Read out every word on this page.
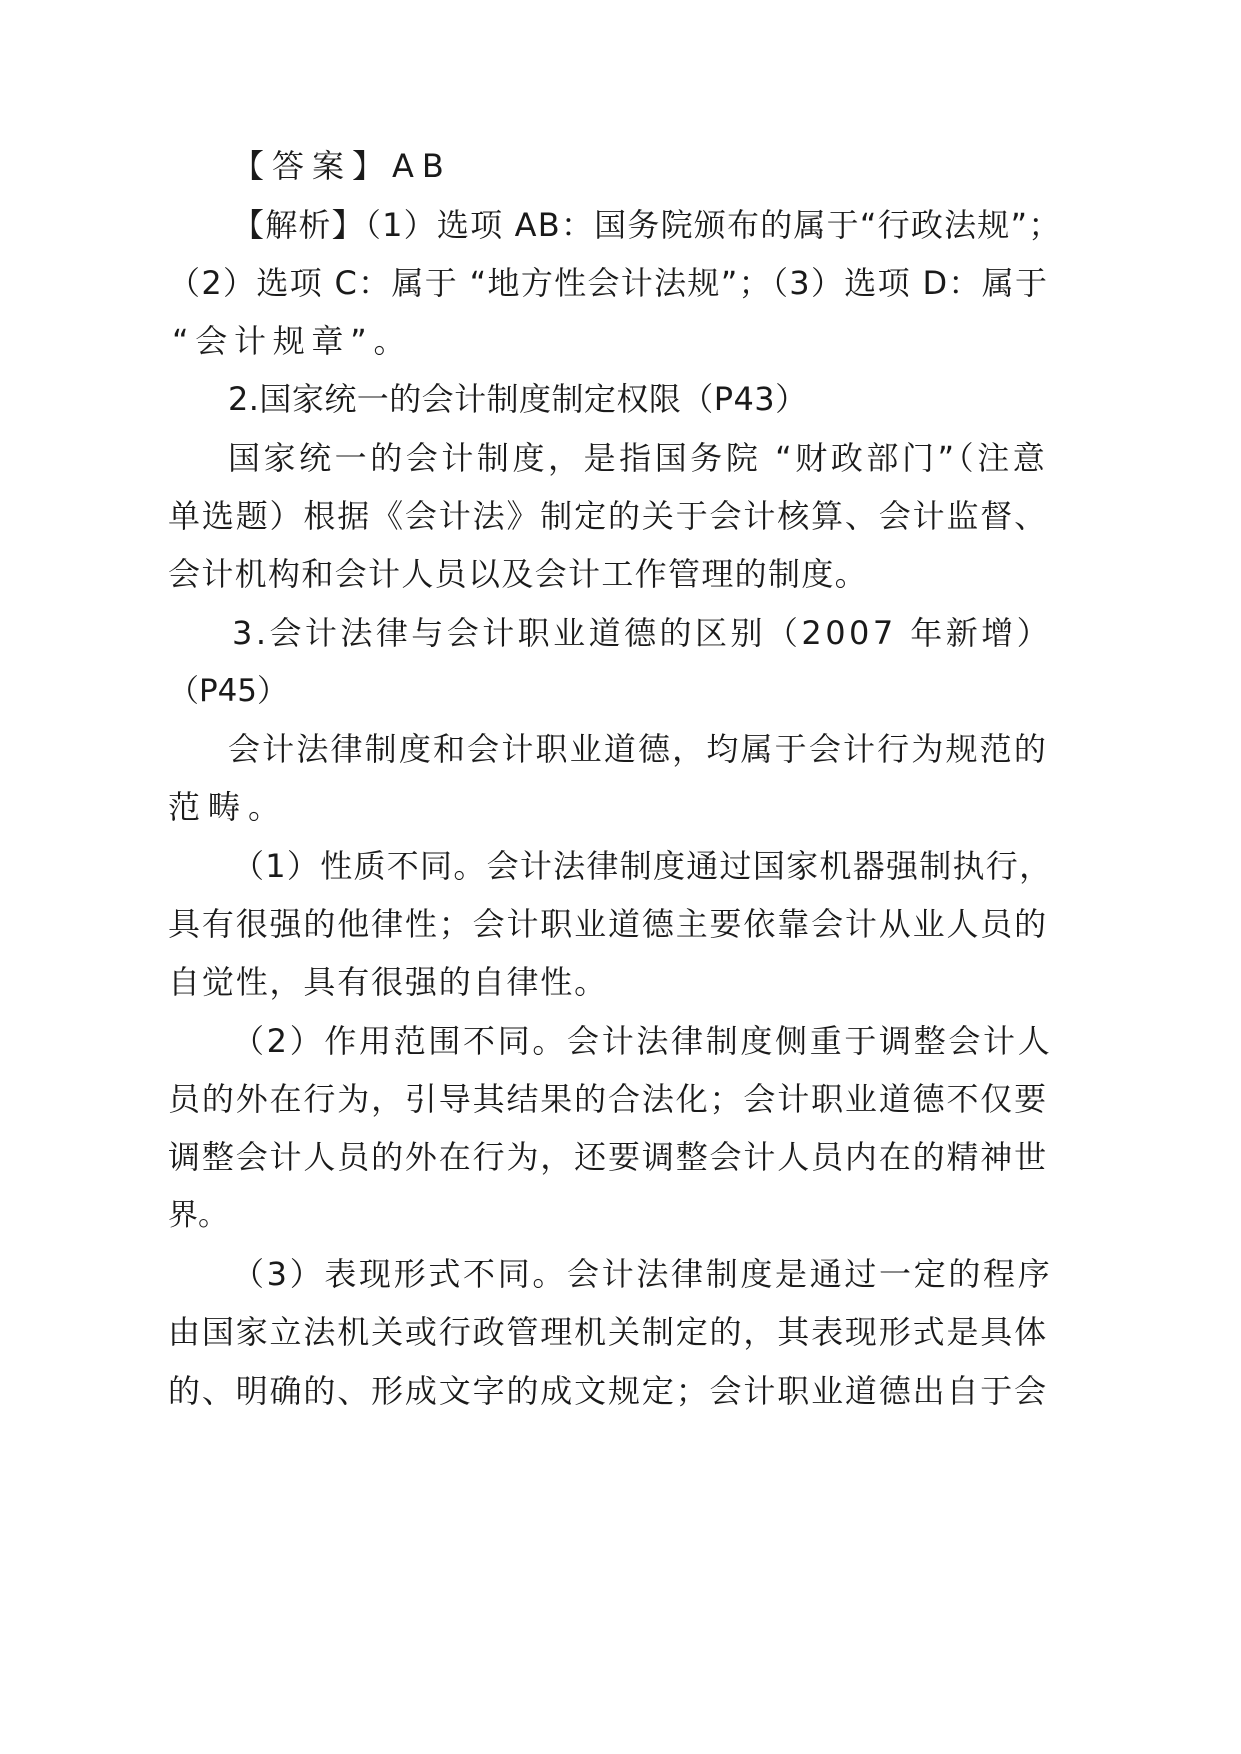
【答案】AB
【解析】（1）选项 AB：国务院颁布的属于“行政法规”；
（2）选项 C：属于 “地方性会计法规”；（3）选项 D：属于
“会计规章”。
2.国家统一的会计制度制定权限（P43）
国家统一的会计制度，是指国务院 “财政部门”（注意
单选题）根据《会计法》制定的关于会计核算、会计监督、
会计机构和会计人员以及会计工作管理的制度。
3.会计法律与会计职业道德的区别（2007 年新增）
（P45）
会计法律制度和会计职业道德，均属于会计行为规范的
范畴。
（1）性质不同。会计法律制度通过国家机器强制执行，
具有很强的他律性；会计职业道德主要依靠会计从业人员的
自觉性，具有很强的自律性。
（2）作用范围不同。会计法律制度侧重于调整会计人
员的外在行为，引导其结果的合法化；会计职业道德不仅要
调整会计人员的外在行为，还要调整会计人员内在的精神世
界。
（3）表现形式不同。会计法律制度是通过一定的程序
由国家立法机关或行政管理机关制定的，其表现形式是具体
的、明确的、形成文字的成文规定；会计职业道德出自于会
